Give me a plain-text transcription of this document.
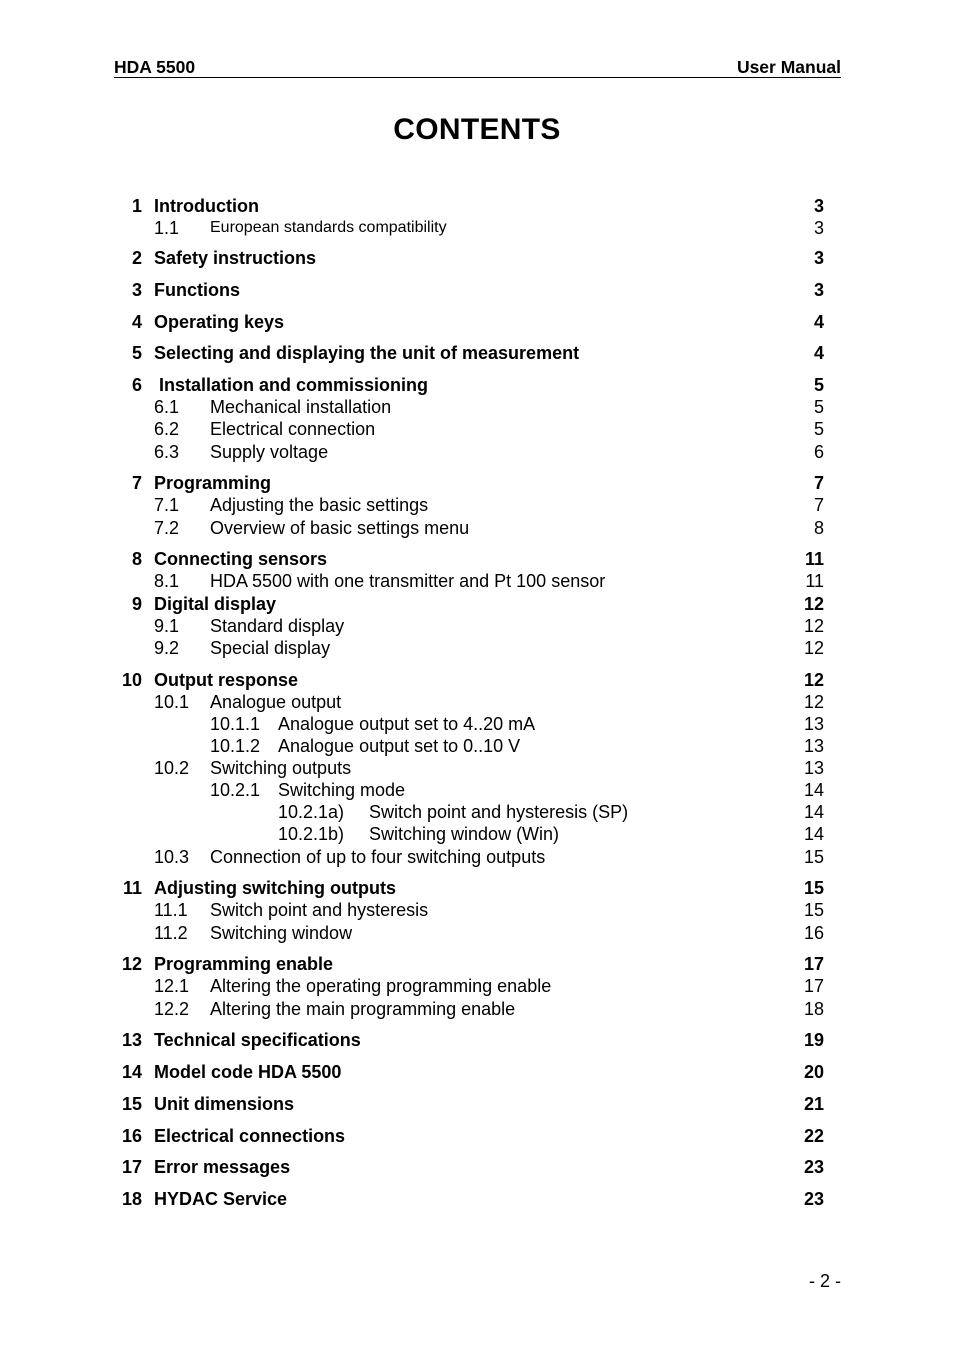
HDA 5500	User Manual
CONTENTS
1 Introduction	3
1.1 European standards compatibility	3
2 Safety instructions	3
3 Functions	3
4 Operating keys	4
5 Selecting and displaying the unit of measurement	4
6 Installation and commissioning	5
6.1 Mechanical installation	5
6.2 Electrical connection	5
6.3 Supply voltage	6
7 Programming	7
7.1 Adjusting the basic settings	7
7.2 Overview of basic settings menu	8
8 Connecting sensors	11
8.1 HDA 5500 with one transmitter and Pt 100 sensor	11
9 Digital display	12
9.1 Standard display	12
9.2 Special display	12
10 Output response	12
10.1 Analogue output	12
10.1.1 Analogue output set to 4..20 mA	13
10.1.2 Analogue output set to 0..10 V	13
10.2 Switching outputs	13
10.2.1 Switching mode	14
10.2.1a) Switch point and hysteresis (SP)	14
10.2.1b) Switching window (Win)	14
10.3 Connection of up to four switching outputs	15
11 Adjusting switching outputs	15
11.1 Switch point and hysteresis	15
11.2 Switching window	16
12 Programming enable	17
12.1 Altering the operating programming enable	17
12.2 Altering the main programming enable	18
13 Technical specifications	19
14 Model code HDA 5500	20
15 Unit dimensions	21
16 Electrical connections	22
17 Error messages	23
18 HYDAC Service	23
- 2 -
